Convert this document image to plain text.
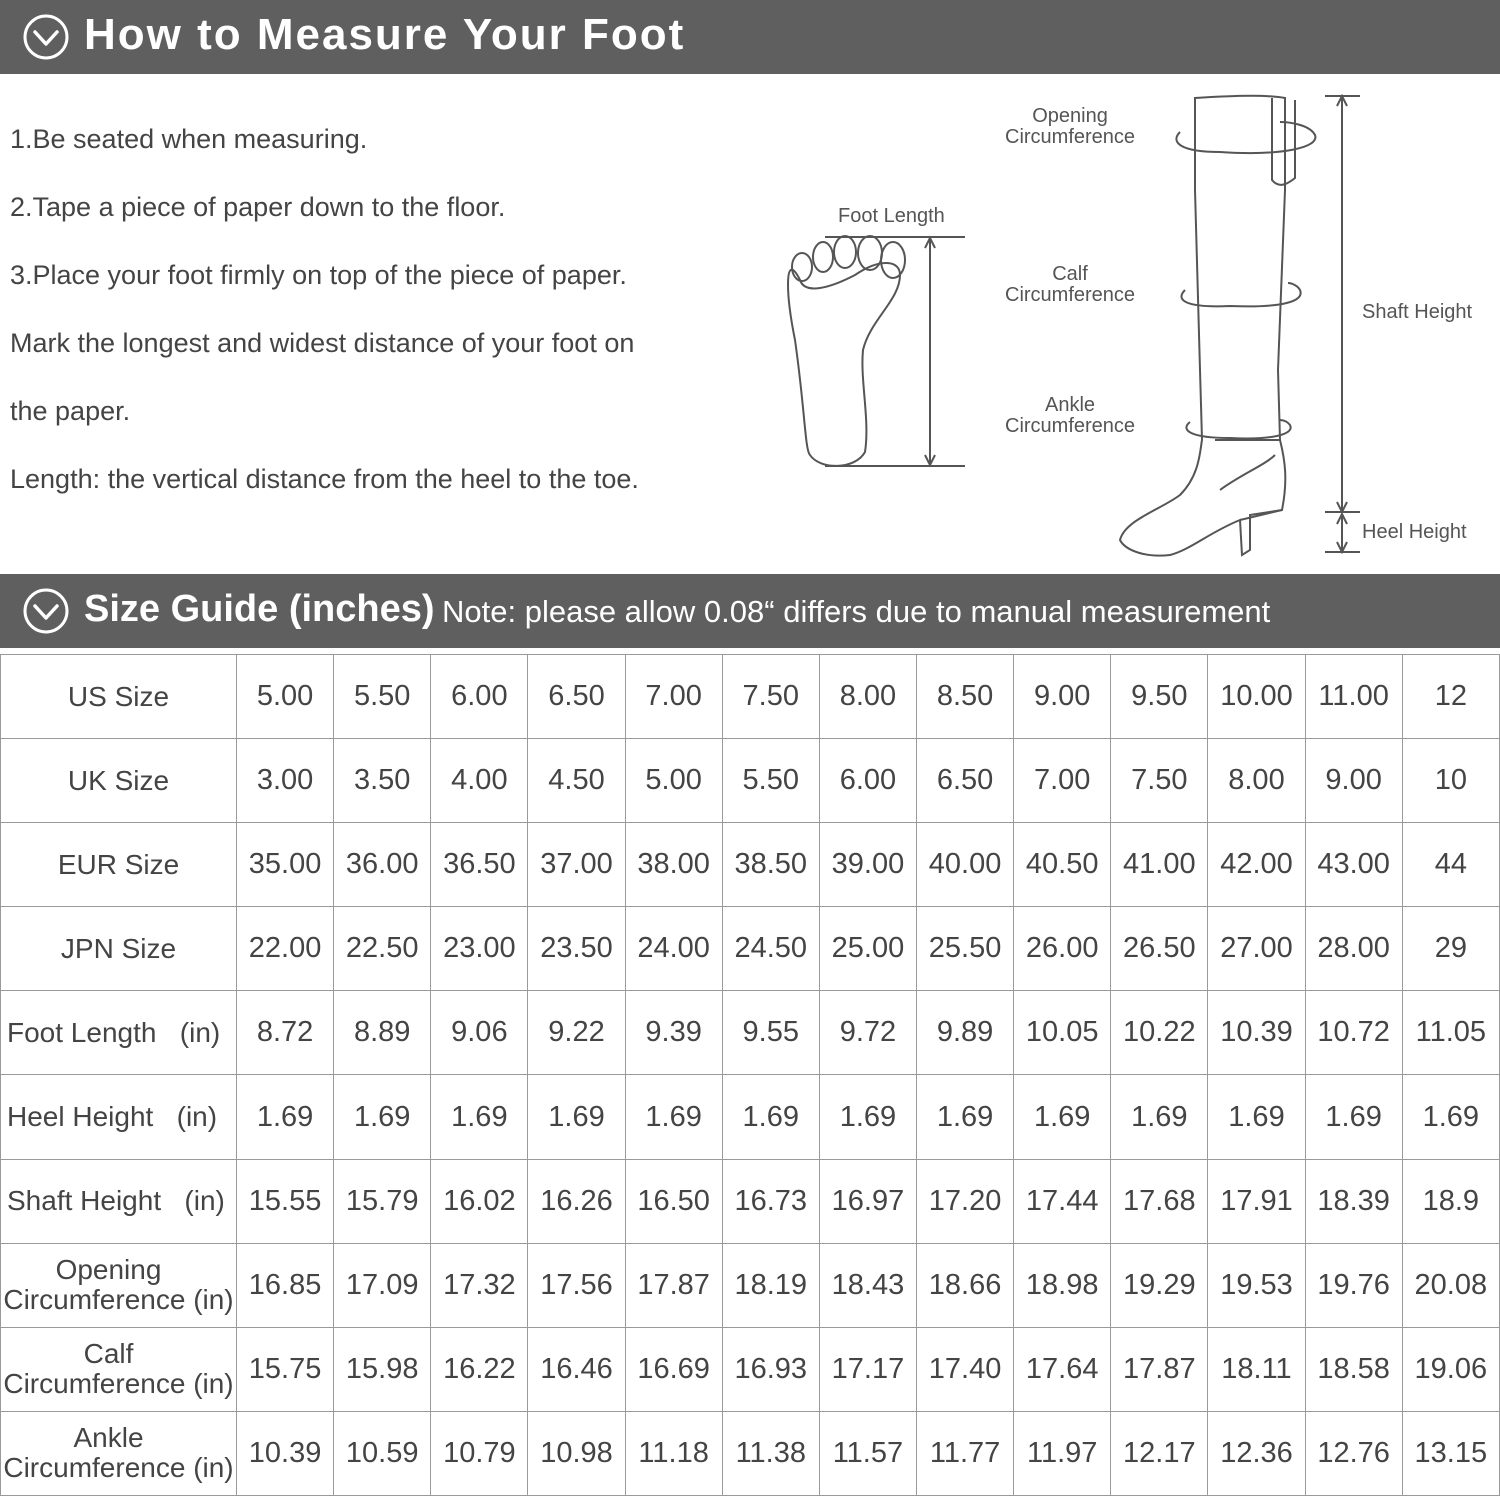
How to Measure Your Foot
1.Be seated when measuring.
2.Tape a piece of paper down to the floor.
3.Place your foot firmly on top of the piece of paper.
Mark the longest and widest distance of your foot on
the paper.
Length: the vertical distance from the heel to the toe.
Foot Length
Opening
Circumference
Calf
Circumference
Ankle
Circumference
Shaft Height
Heel Height
Size Guide (inches) Note: please allow 0.08“ differs due to manual measurement
US Size	5.00	5.50	6.00	6.50	7.00	7.50	8.00	8.50	9.00	9.50	10.00	11.00	12
UK Size	3.00	3.50	4.00	4.50	5.00	5.50	6.00	6.50	7.00	7.50	8.00	9.00	10
EUR Size	35.00	36.00	36.50	37.00	38.00	38.50	39.00	40.00	40.50	41.00	42.00	43.00	44
JPN Size	22.00	22.50	23.00	23.50	24.00	24.50	25.00	25.50	26.00	26.50	27.00	28.00	29
Foot Length   (in)	8.72	8.89	9.06	9.22	9.39	9.55	9.72	9.89	10.05	10.22	10.39	10.72	11.05
Heel Height   (in)	1.69	1.69	1.69	1.69	1.69	1.69	1.69	1.69	1.69	1.69	1.69	1.69	1.69
Shaft Height   (in)	15.55	15.79	16.02	16.26	16.50	16.73	16.97	17.20	17.44	17.68	17.91	18.39	18.9

Opening
Circumference (in)	16.85	17.09	17.32	17.56	17.87	18.19	18.43	18.66	18.98	19.29	19.53	19.76	20.08

Calf
Circumference (in)	15.75	15.98	16.22	16.46	16.69	16.93	17.17	17.40	17.64	17.87	18.11	18.58	19.06

Ankle
Circumference (in)	10.39	10.59	10.79	10.98	11.18	11.38	11.57	11.77	11.97	12.17	12.36	12.76	13.15
